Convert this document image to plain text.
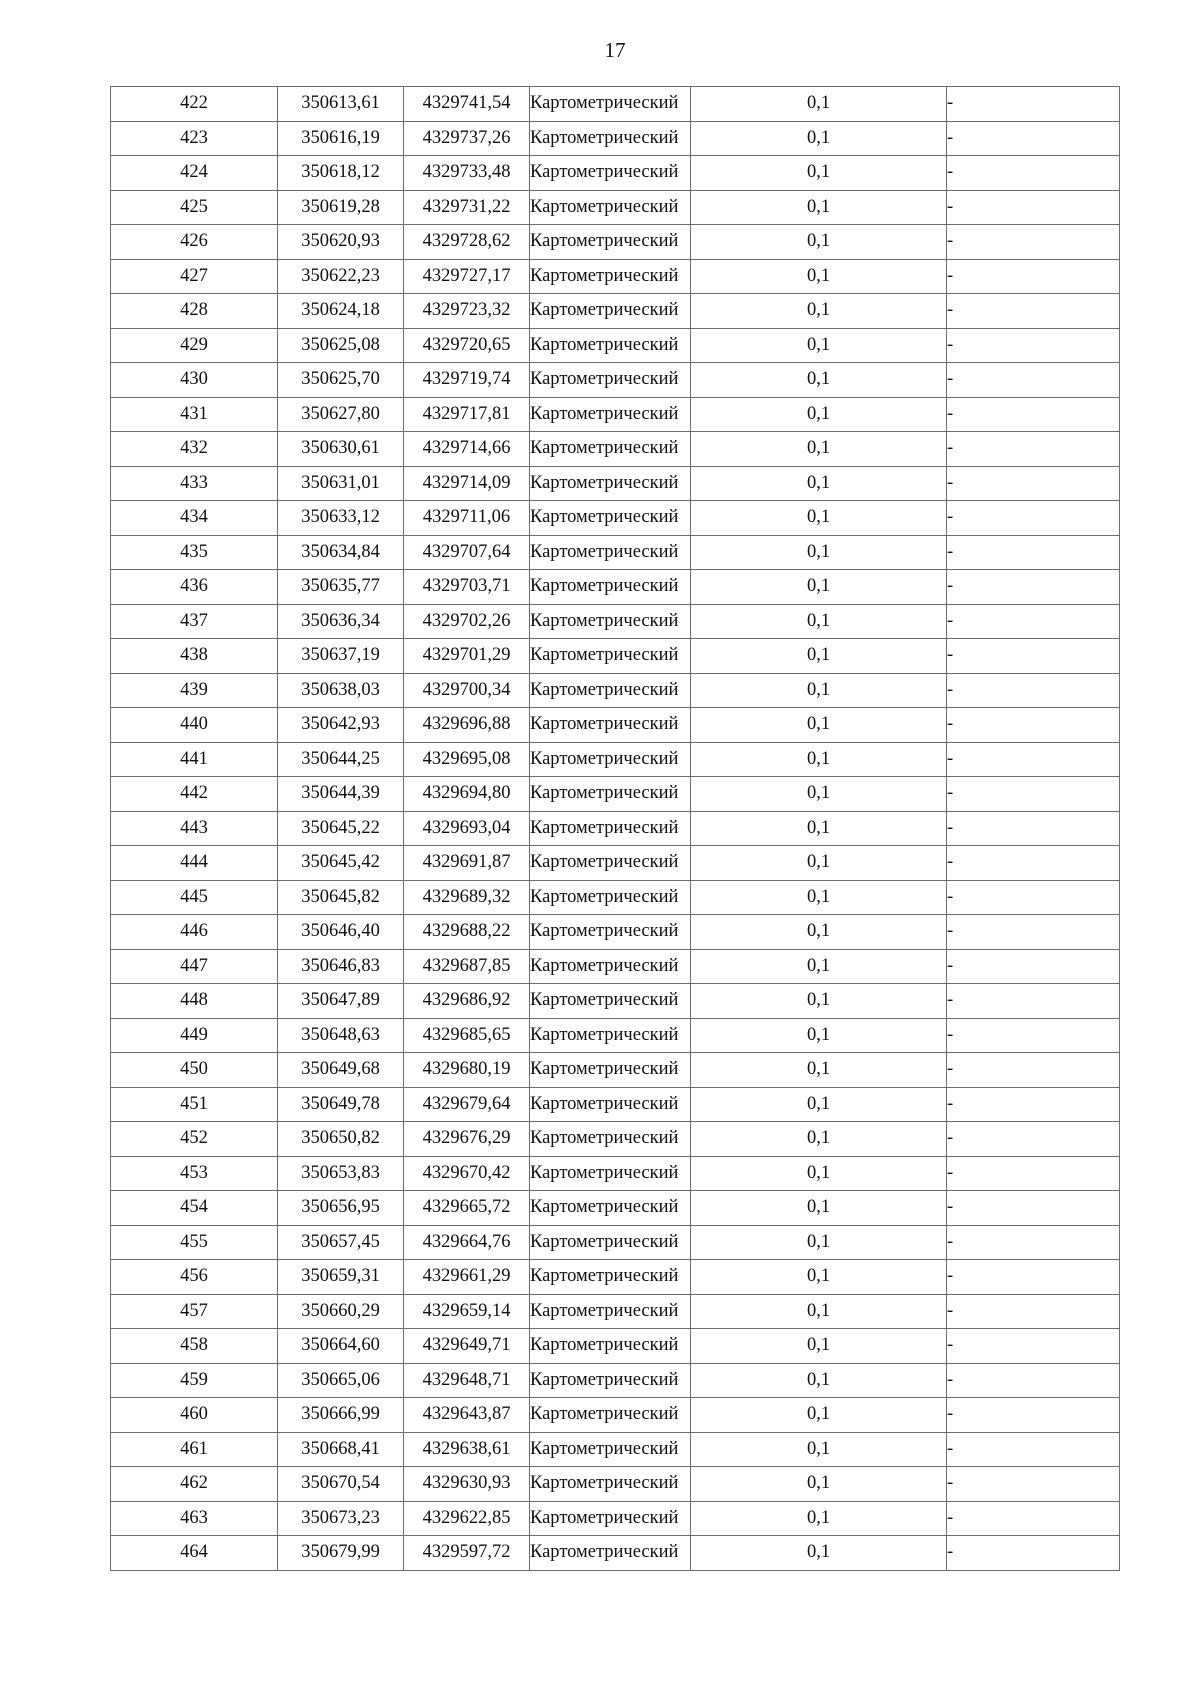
17
422	350613,61	4329741,54	Картометрический	0,1	-
423	350616,19	4329737,26	Картометрический	0,1	-
424	350618,12	4329733,48	Картометрический	0,1	-
425	350619,28	4329731,22	Картометрический	0,1	-
426	350620,93	4329728,62	Картометрический	0,1	-
427	350622,23	4329727,17	Картометрический	0,1	-
428	350624,18	4329723,32	Картометрический	0,1	-
429	350625,08	4329720,65	Картометрический	0,1	-
430	350625,70	4329719,74	Картометрический	0,1	-
431	350627,80	4329717,81	Картометрический	0,1	-
432	350630,61	4329714,66	Картометрический	0,1	-
433	350631,01	4329714,09	Картометрический	0,1	-
434	350633,12	4329711,06	Картометрический	0,1	-
435	350634,84	4329707,64	Картометрический	0,1	-
436	350635,77	4329703,71	Картометрический	0,1	-
437	350636,34	4329702,26	Картометрический	0,1	-
438	350637,19	4329701,29	Картометрический	0,1	-
439	350638,03	4329700,34	Картометрический	0,1	-
440	350642,93	4329696,88	Картометрический	0,1	-
441	350644,25	4329695,08	Картометрический	0,1	-
442	350644,39	4329694,80	Картометрический	0,1	-
443	350645,22	4329693,04	Картометрический	0,1	-
444	350645,42	4329691,87	Картометрический	0,1	-
445	350645,82	4329689,32	Картометрический	0,1	-
446	350646,40	4329688,22	Картометрический	0,1	-
447	350646,83	4329687,85	Картометрический	0,1	-
448	350647,89	4329686,92	Картометрический	0,1	-
449	350648,63	4329685,65	Картометрический	0,1	-
450	350649,68	4329680,19	Картометрический	0,1	-
451	350649,78	4329679,64	Картометрический	0,1	-
452	350650,82	4329676,29	Картометрический	0,1	-
453	350653,83	4329670,42	Картометрический	0,1	-
454	350656,95	4329665,72	Картометрический	0,1	-
455	350657,45	4329664,76	Картометрический	0,1	-
456	350659,31	4329661,29	Картометрический	0,1	-
457	350660,29	4329659,14	Картометрический	0,1	-
458	350664,60	4329649,71	Картометрический	0,1	-
459	350665,06	4329648,71	Картометрический	0,1	-
460	350666,99	4329643,87	Картометрический	0,1	-
461	350668,41	4329638,61	Картометрический	0,1	-
462	350670,54	4329630,93	Картометрический	0,1	-
463	350673,23	4329622,85	Картометрический	0,1	-
464	350679,99	4329597,72	Картометрический	0,1	-
